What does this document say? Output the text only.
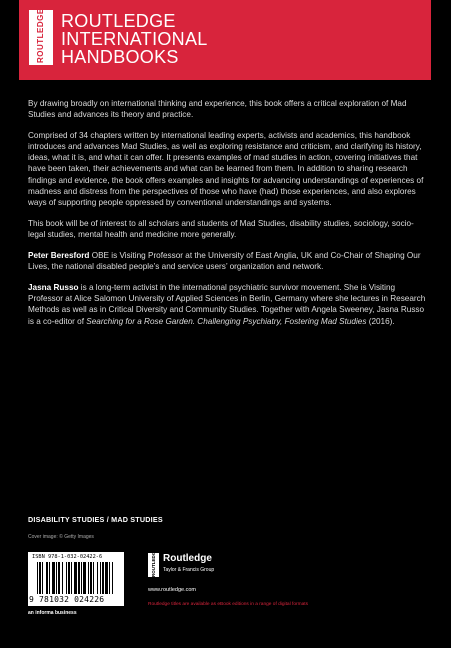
ROUTLEDGE ROUTLEDGE
INTERNATIONAL
HANDBOOKS

By drawing broadly on international thinking and experience, this book offers a critical exploration of Mad Studies and advances its theory and practice.

Comprised of 34 chapters written by international leading experts, activists and academics, this handbook introduces and advances Mad Studies, as well as exploring resistance and criticism, and clarifying its history, ideas, what it is, and what it can offer. It presents examples of mad studies in action, covering initiatives that have been taken, their achievements and what can be learned from them. In addition to sharing research findings and evidence, the book offers examples and insights for advancing understandings of experiences of madness and distress from the perspectives of those who have (had) those experiences, and also explores ways of supporting people oppressed by conventional understandings and systems.

This book will be of interest to all scholars and students of Mad Studies, disability studies, sociology, socio-legal studies, mental health and medicine more generally.

Peter Beresford OBE is Visiting Professor at the University of East Anglia, UK and Co-Chair of Shaping Our Lives, the national disabled people’s and service users’ organization and network.

Jasna Russo is a long-term activist in the international psychiatric survivor movement. She is Visiting Professor at Alice Salomon University of Applied Sciences in Berlin, Germany where she lectures in Research Methods as well as in Critical Diversity and Community Studies. Together with Angela Sweeney, Jasna Russo is a co-editor of Searching for a Rose Garden. Challenging Psychiatry, Fostering Mad Studies (2016).

DISABILITY STUDIES / MAD STUDIES
Cover image: © Getty Images
ISBN 978-1-032-02422-6
9 781032 024226
an informa business
ROUTLEDGE Routledge
Taylor & Francis Group
www.routledge.com
Routledge titles are available as eBook editions in a range of digital formats
